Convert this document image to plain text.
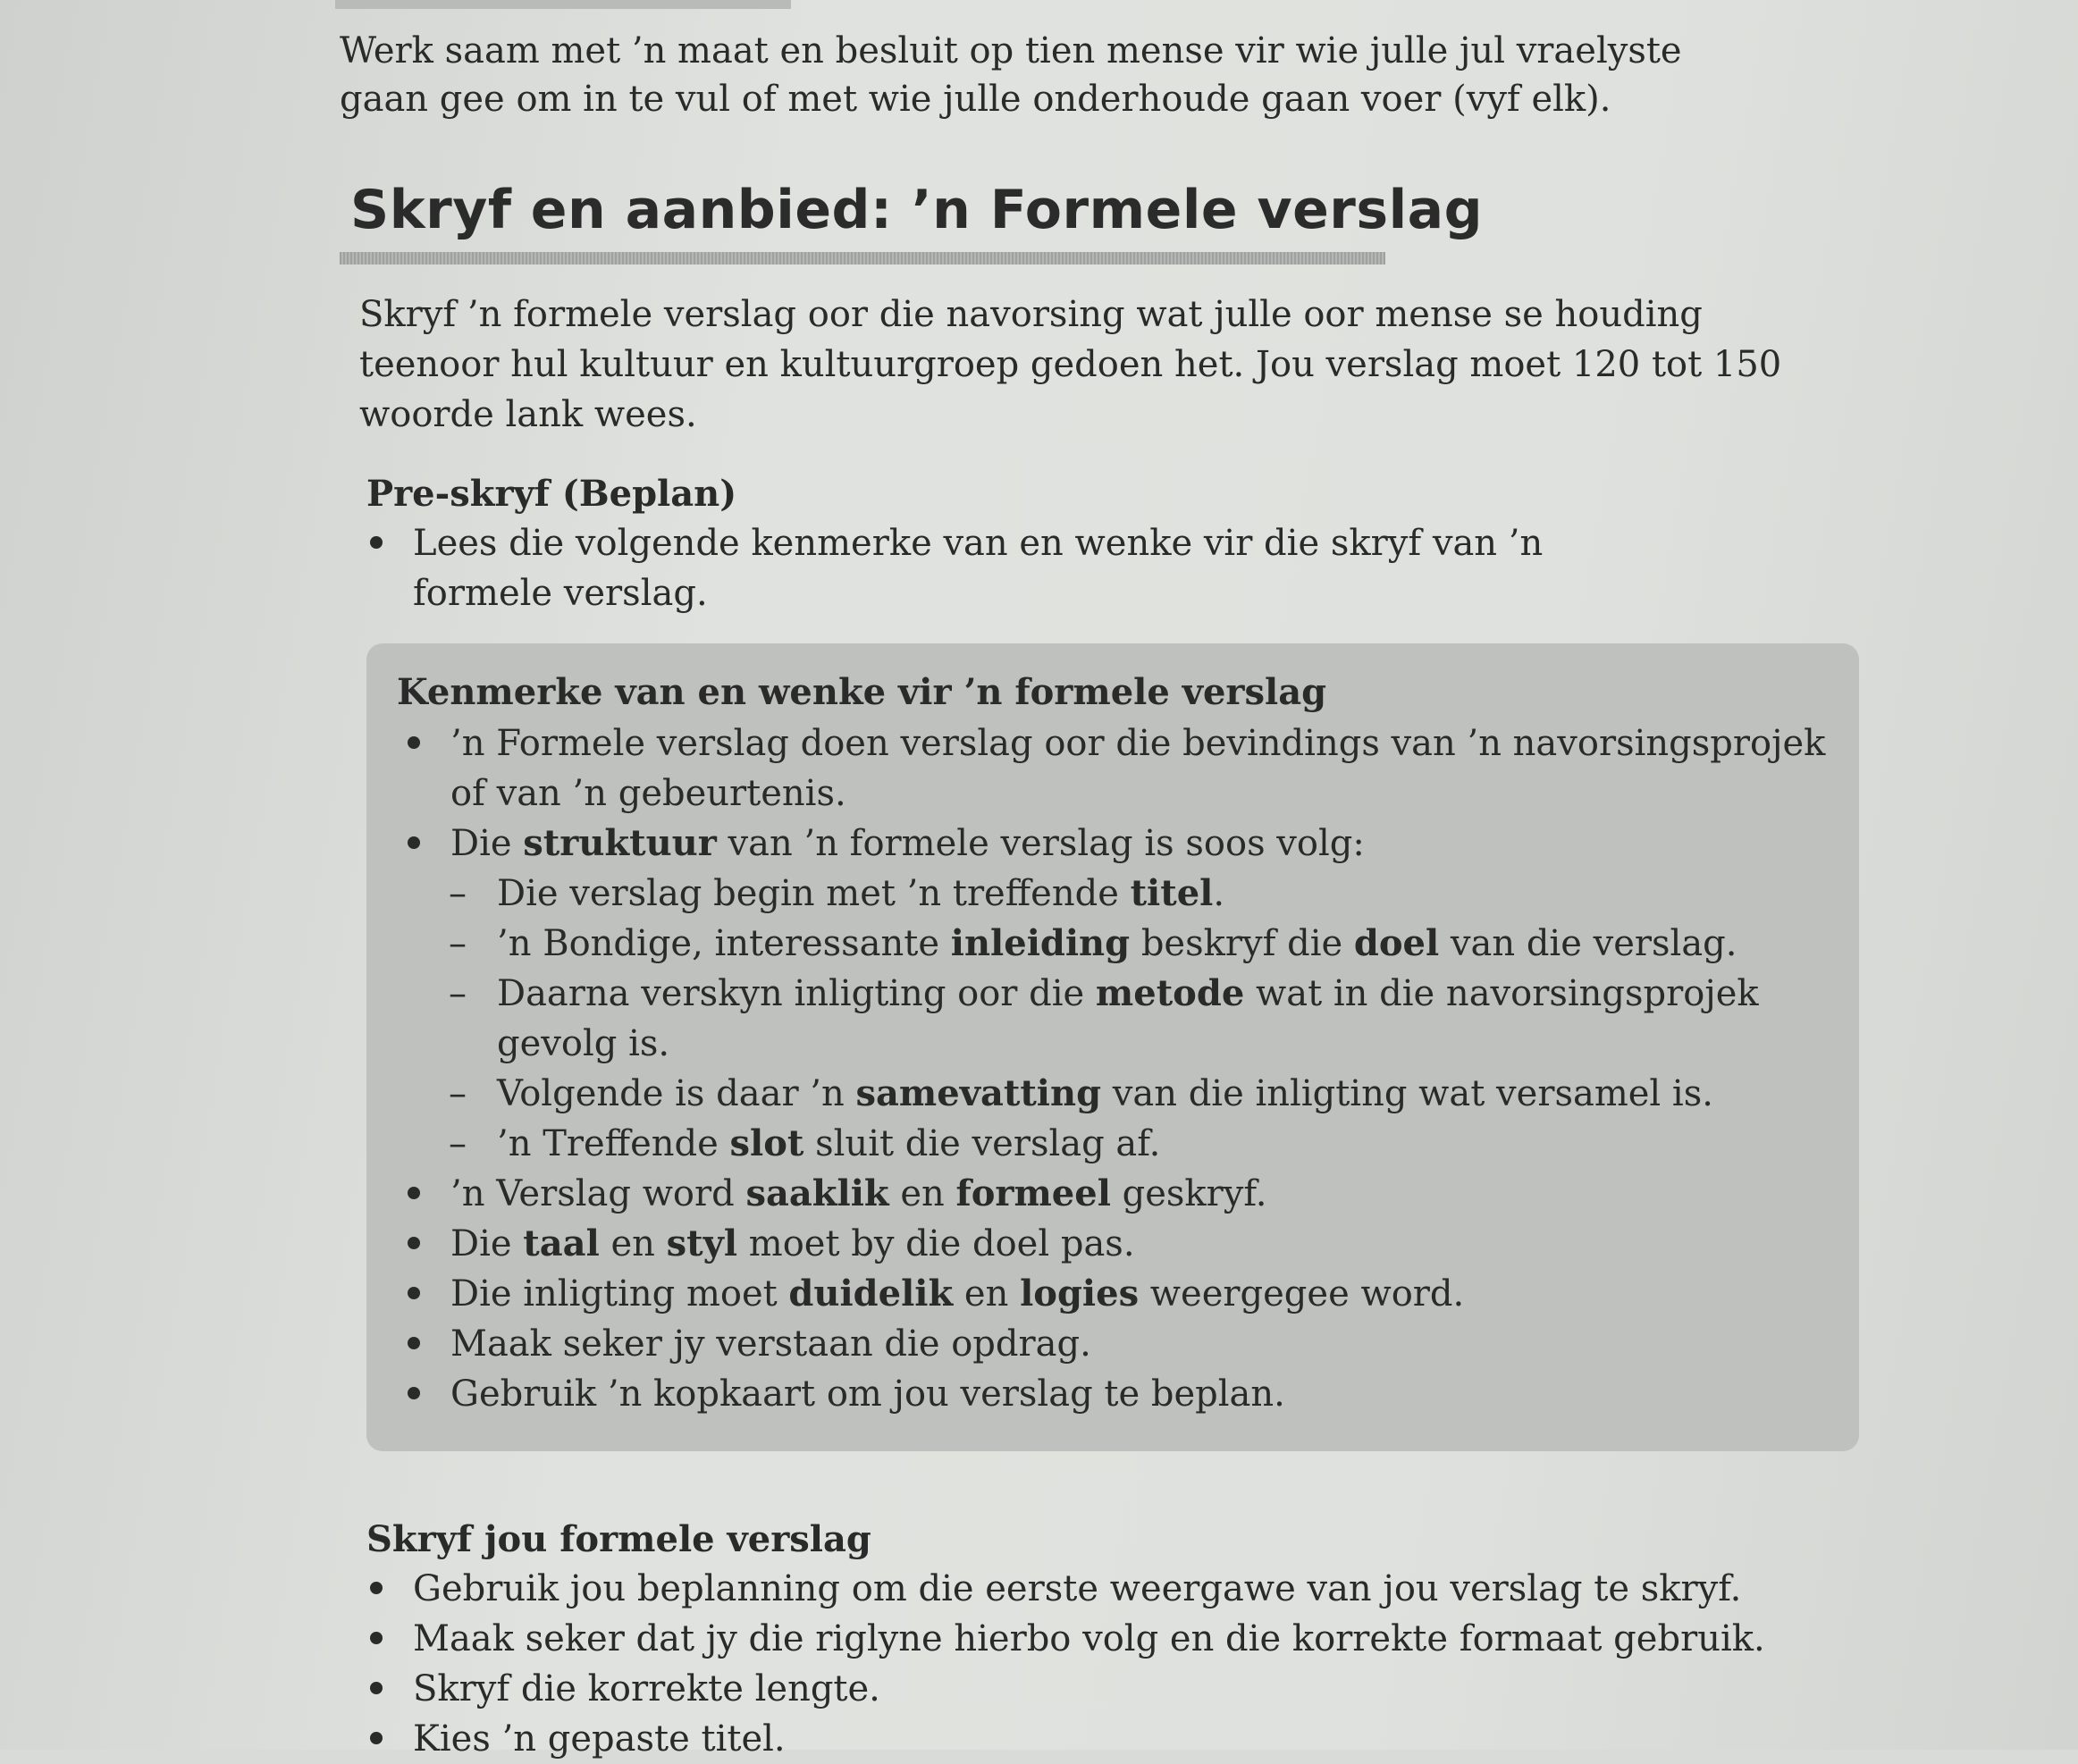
Werk saam met ’n maat en besluit op tien mense vir wie julle jul vraelyste gaan gee om in te vul of met wie julle onderhoude gaan voer (vyf elk).

Skryf en aanbied: ’n Formele verslag

Skryf ’n formele verslag oor die navorsing wat julle oor mense se houding teenoor hul kultuur en kultuurgroep gedoen het. Jou verslag moet 120 tot 150 woorde lank wees.

Pre-skryf (Beplan)
Lees die volgende kenmerke van en wenke vir die skryf van ’n formele verslag.
Kenmerke van en wenke vir ’n formele verslag
’n Formele verslag doen verslag oor die bevindings van ’n navorsingsprojek of van ’n gebeurtenis.
Die struktuur van ’n formele verslag is soos volg:
– Die verslag begin met ’n treffende titel.
– ’n Bondige, interessante inleiding beskryf die doel van die verslag.
– Daarna verskyn inligting oor die metode wat in die navorsingsprojek gevolg is.
– Volgende is daar ’n samevatting van die inligting wat versamel is.
– ’n Treffende slot sluit die verslag af.
’n Verslag word saaklik en formeel geskryf.
Die taal en styl moet by die doel pas.
Die inligting moet duidelik en logies weergegee word.
Maak seker jy verstaan die opdrag.
Gebruik ’n kopkaart om jou verslag te beplan.
Skryf jou formele verslag
Gebruik jou beplanning om die eerste weergawe van jou verslag te skryf.
Maak seker dat jy die riglyne hierbo volg en die korrekte formaat gebruik.
Skryf die korrekte lengte.
Kies ’n gepaste titel.
